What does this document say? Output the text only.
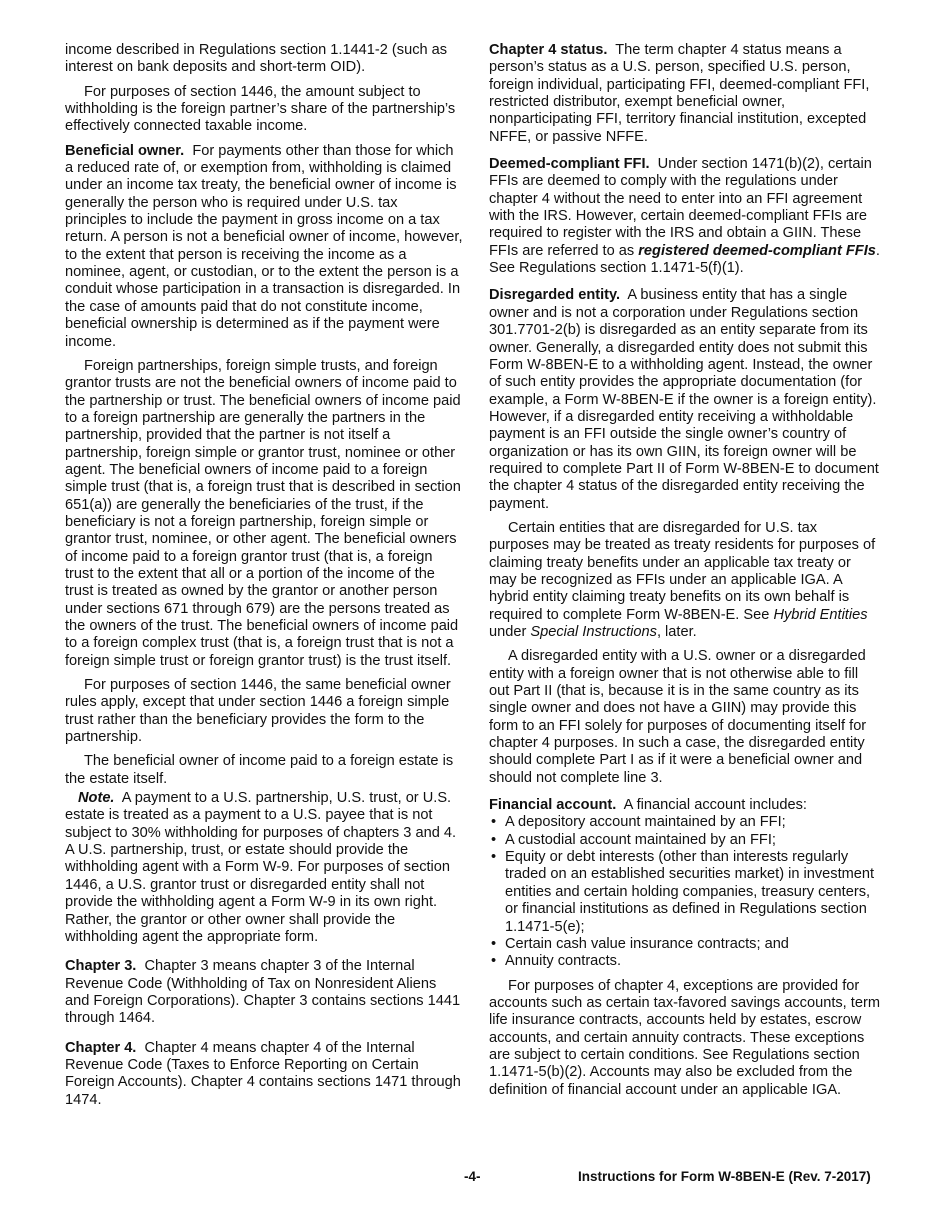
income described in Regulations section 1.1441-2 (such as interest on bank deposits and short-term OID).

For purposes of section 1446, the amount subject to withholding is the foreign partner’s share of the partnership’s effectively connected taxable income.

Beneficial owner. For payments other than those for which a reduced rate of, or exemption from, withholding is claimed under an income tax treaty, the beneficial owner of income is generally the person who is required under U.S. tax principles to include the payment in gross income on a tax return. A person is not a beneficial owner of income, however, to the extent that person is receiving the income as a nominee, agent, or custodian, or to the extent the person is a conduit whose participation in a transaction is disregarded. In the case of amounts paid that do not constitute income, beneficial ownership is determined as if the payment were income.

Foreign partnerships, foreign simple trusts, and foreign grantor trusts are not the beneficial owners of income paid to the partnership or trust. The beneficial owners of income paid to a foreign partnership are generally the partners in the partnership, provided that the partner is not itself a partnership, foreign simple or grantor trust, nominee or other agent. The beneficial owners of income paid to a foreign simple trust (that is, a foreign trust that is described in section 651(a)) are generally the beneficiaries of the trust, if the beneficiary is not a foreign partnership, foreign simple or grantor trust, nominee, or other agent. The beneficial owners of income paid to a foreign grantor trust (that is, a foreign trust to the extent that all or a portion of the income of the trust is treated as owned by the grantor or another person under sections 671 through 679) are the persons treated as the owners of the trust. The beneficial owners of income paid to a foreign complex trust (that is, a foreign trust that is not a foreign simple trust or foreign grantor trust) is the trust itself.

For purposes of section 1446, the same beneficial owner rules apply, except that under section 1446 a foreign simple trust rather than the beneficiary provides the form to the partnership.

The beneficial owner of income paid to a foreign estate is the estate itself.

Note. A payment to a U.S. partnership, U.S. trust, or U.S. estate is treated as a payment to a U.S. payee that is not subject to 30% withholding for purposes of chapters 3 and 4. A U.S. partnership, trust, or estate should provide the withholding agent with a Form W-9. For purposes of section 1446, a U.S. grantor trust or disregarded entity shall not provide the withholding agent a Form W-9 in its own right. Rather, the grantor or other owner shall provide the withholding agent the appropriate form.

Chapter 3. Chapter 3 means chapter 3 of the Internal Revenue Code (Withholding of Tax on Nonresident Aliens and Foreign Corporations). Chapter 3 contains sections 1441 through 1464.

Chapter 4. Chapter 4 means chapter 4 of the Internal Revenue Code (Taxes to Enforce Reporting on Certain Foreign Accounts). Chapter 4 contains sections 1471 through 1474.

Chapter 4 status. The term chapter 4 status means a person’s status as a U.S. person, specified U.S. person, foreign individual, participating FFI, deemed-compliant FFI, restricted distributor, exempt beneficial owner, nonparticipating FFI, territory financial institution, excepted NFFE, or passive NFFE.

Deemed-compliant FFI. Under section 1471(b)(2), certain FFIs are deemed to comply with the regulations under chapter 4 without the need to enter into an FFI agreement with the IRS. However, certain deemed-compliant FFIs are required to register with the IRS and obtain a GIIN. These FFIs are referred to as registered deemed-compliant FFIs. See Regulations section 1.1471-5(f)(1).

Disregarded entity. A business entity that has a single owner and is not a corporation under Regulations section 301.7701-2(b) is disregarded as an entity separate from its owner. Generally, a disregarded entity does not submit this Form W-8BEN-E to a withholding agent. Instead, the owner of such entity provides the appropriate documentation (for example, a Form W-8BEN-E if the owner is a foreign entity). However, if a disregarded entity receiving a withholdable payment is an FFI outside the single owner’s country of organization or has its own GIIN, its foreign owner will be required to complete Part II of Form W-8BEN-E to document the chapter 4 status of the disregarded entity receiving the payment.

Certain entities that are disregarded for U.S. tax purposes may be treated as treaty residents for purposes of claiming treaty benefits under an applicable tax treaty or may be recognized as FFIs under an applicable IGA. A hybrid entity claiming treaty benefits on its own behalf is required to complete Form W-8BEN-E. See Hybrid Entities under Special Instructions, later.

A disregarded entity with a U.S. owner or a disregarded entity with a foreign owner that is not otherwise able to fill out Part II (that is, because it is in the same country as its single owner and does not have a GIIN) may provide this form to an FFI solely for purposes of documenting itself for chapter 4 purposes. In such a case, the disregarded entity should complete Part I as if it were a beneficial owner and should not complete line 3.

Financial account. A financial account includes:

• A depository account maintained by an FFI;
• A custodial account maintained by an FFI;
• Equity or debt interests (other than interests regularly traded on an established securities market) in investment entities and certain holding companies, treasury centers, or financial institutions as defined in Regulations section 1.1471-5(e);
• Certain cash value insurance contracts; and
• Annuity contracts.

For purposes of chapter 4, exceptions are provided for accounts such as certain tax-favored savings accounts, term life insurance contracts, accounts held by estates, escrow accounts, and certain annuity contracts. These exceptions are subject to certain conditions. See Regulations section 1.1471-5(b)(2). Accounts may also be excluded from the definition of financial account under an applicable IGA.

-4-	Instructions for Form W-8BEN-E (Rev. 7-2017)
